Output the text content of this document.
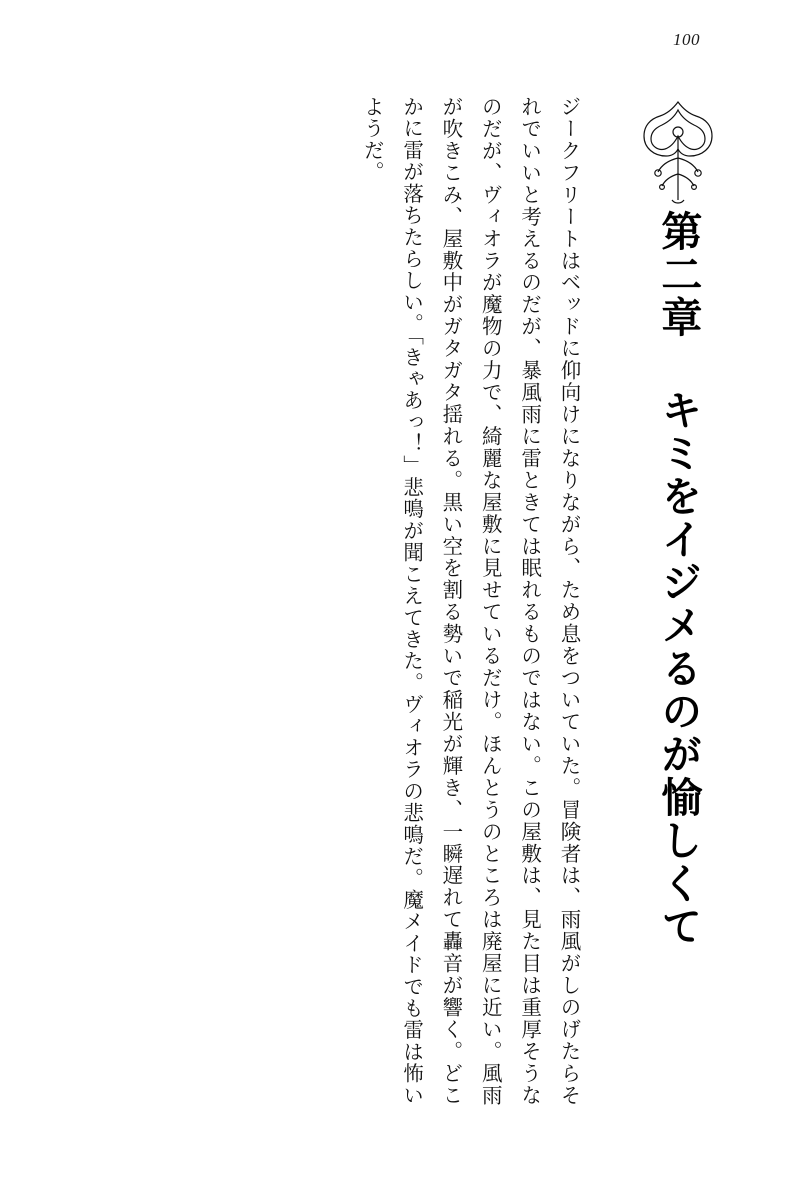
100
第二章 キミをイジメるのが愉しくて

ジークフリートはベッドに仰向けになりながら、ため息をついていた。冒険者は、雨風がしのげたらそれでいいと考えるのだが、暴風雨に雷ときては眠れるものではない。この屋敷は、見た目は重厚そうなのだが、ヴィオラが魔物の力で、綺麗な屋敷に見せているだけ。ほんとうのところは廃屋に近い。風雨が吹きこみ、屋敷中がガタガタ揺れる。黒い空を割る勢いで稲光が輝き、一瞬遅れて轟音が響く。どこかに雷が落ちたらしい。「きゃあっ！」悲鳴が聞こえてきた。ヴィオラの悲鳴だ。魔メイドでも雷は怖いようだ。
